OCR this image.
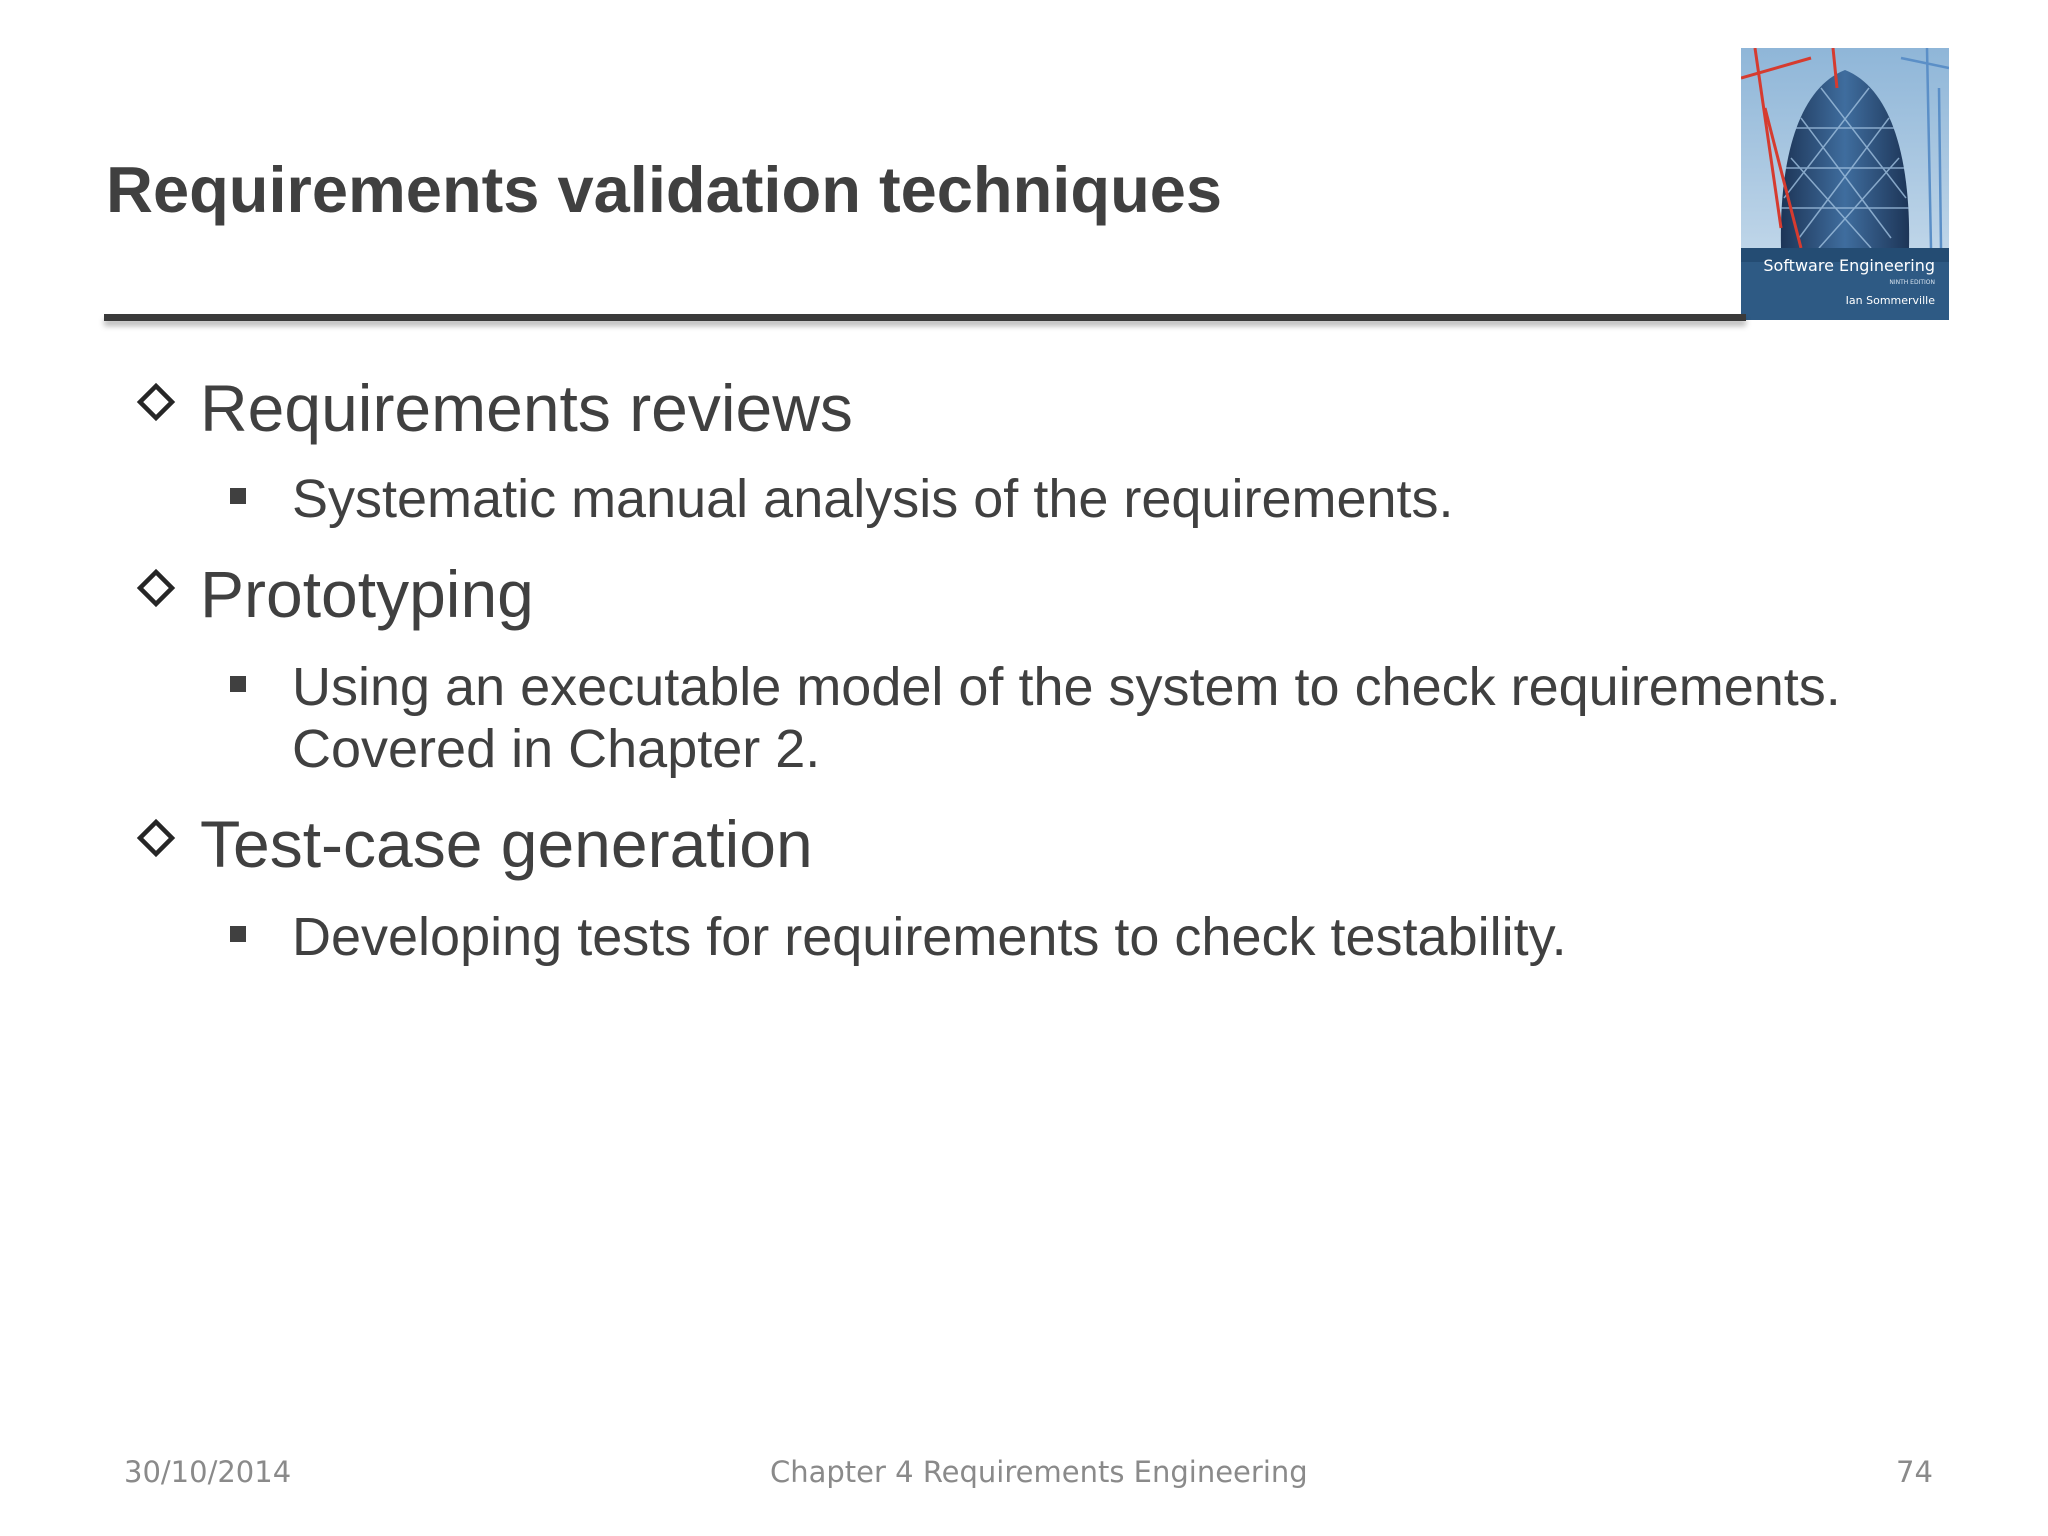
Requirements validation techniques
Software Engineering
NINTH EDITION
Ian Sommerville
Requirements reviews
Systematic manual analysis of the requirements.
Prototyping
Using an executable model of the system to check requirements.
Covered in Chapter 2.
Test-case generation
Developing tests for requirements to check testability.
30/10/2014	Chapter 4 Requirements Engineering	74
